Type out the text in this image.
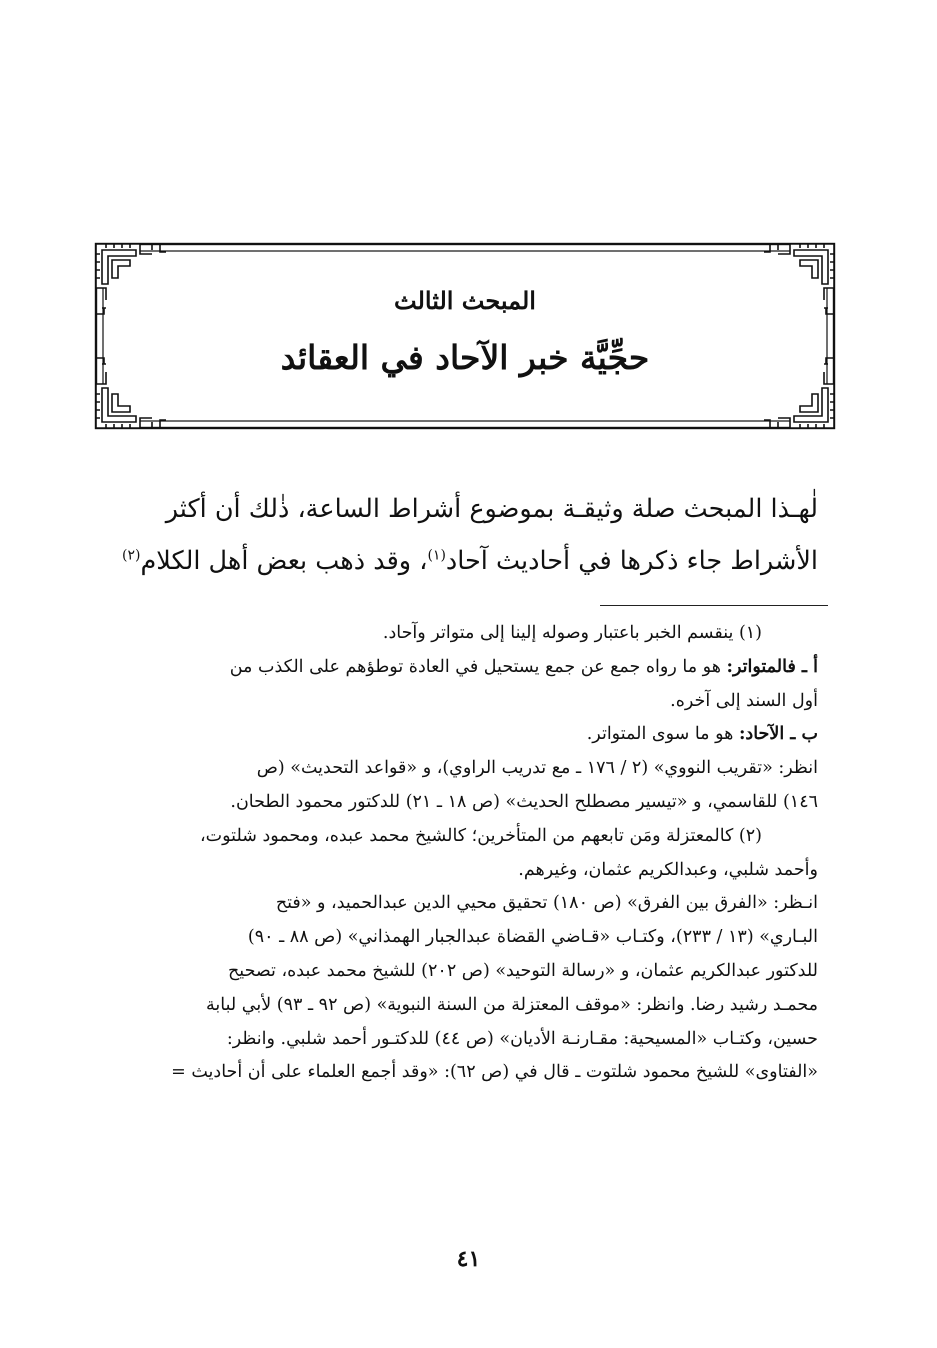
المبحث الثالث
حجِّيَّة خبر الآحاد في العقائد
لٰهـذا المبحث صلة وثيقـة بموضوع أشراط الساعة، ذٰلك أن أكثر
الأشراط جاء ذكرها في أحاديث آحاد$^{(١)}$، وقد ذهب بعض أهل الكلام$^{(٢)}$
(١) ينقسم الخبر باعتبار وصوله إلينا إلى متواتر وآحاد.
أ ـ فالمتواتر: هو ما رواه جمع عن جمع يستحيل في العادة توطؤهم على الكذب من
أول السند إلى آخره.
ب ـ الآحاد: هو ما سوى المتواتر.
انظر: «تقريب النووي» (٢ / ١٧٦ ـ مع تدريب الراوي)، و «قواعد التحديث» (ص
١٤٦) للقاسمي، و «تيسير مصطلح الحديث» (ص ١٨ ـ ٢١) للدكتور محمود الطحان.
(٢) كالمعتزلة ومَن تابعهم من المتأخرين؛ كالشيخ محمد عبده، ومحمود شلتوت،
وأحمد شلبي، وعبدالكريم عثمان، وغيرهم.
انـظر: «الفرق بين الفرق» (ص ١٨٠) تحقيق محيي الدين عبدالحميد، و «فتح
البـاري» (١٣ / ٢٣٣)، وكتـاب «قـاضي القضاة عبدالجبار الهمذاني» (ص ٨٨ ـ ٩٠)
للدكتور عبدالكريم عثمان، و «رسالة التوحيد» (ص ٢٠٢) للشيخ محمد عبده، تصحيح
محمـد رشيد رضا. وانظر: «موقف المعتزلة من السنة النبوية» (ص ٩٢ ـ ٩٣) لأبي لبابة
حسين، وكتـاب «المسيحية: مقـارنـة الأديان» (ص ٤٤) للدكتـور أحمد شلبي. وانظر:
«الفتاوى» للشيخ محمود شلتوت ـ قال في (ص ٦٢): «وقد أجمع العلماء على أن أحاديث =
٤١
